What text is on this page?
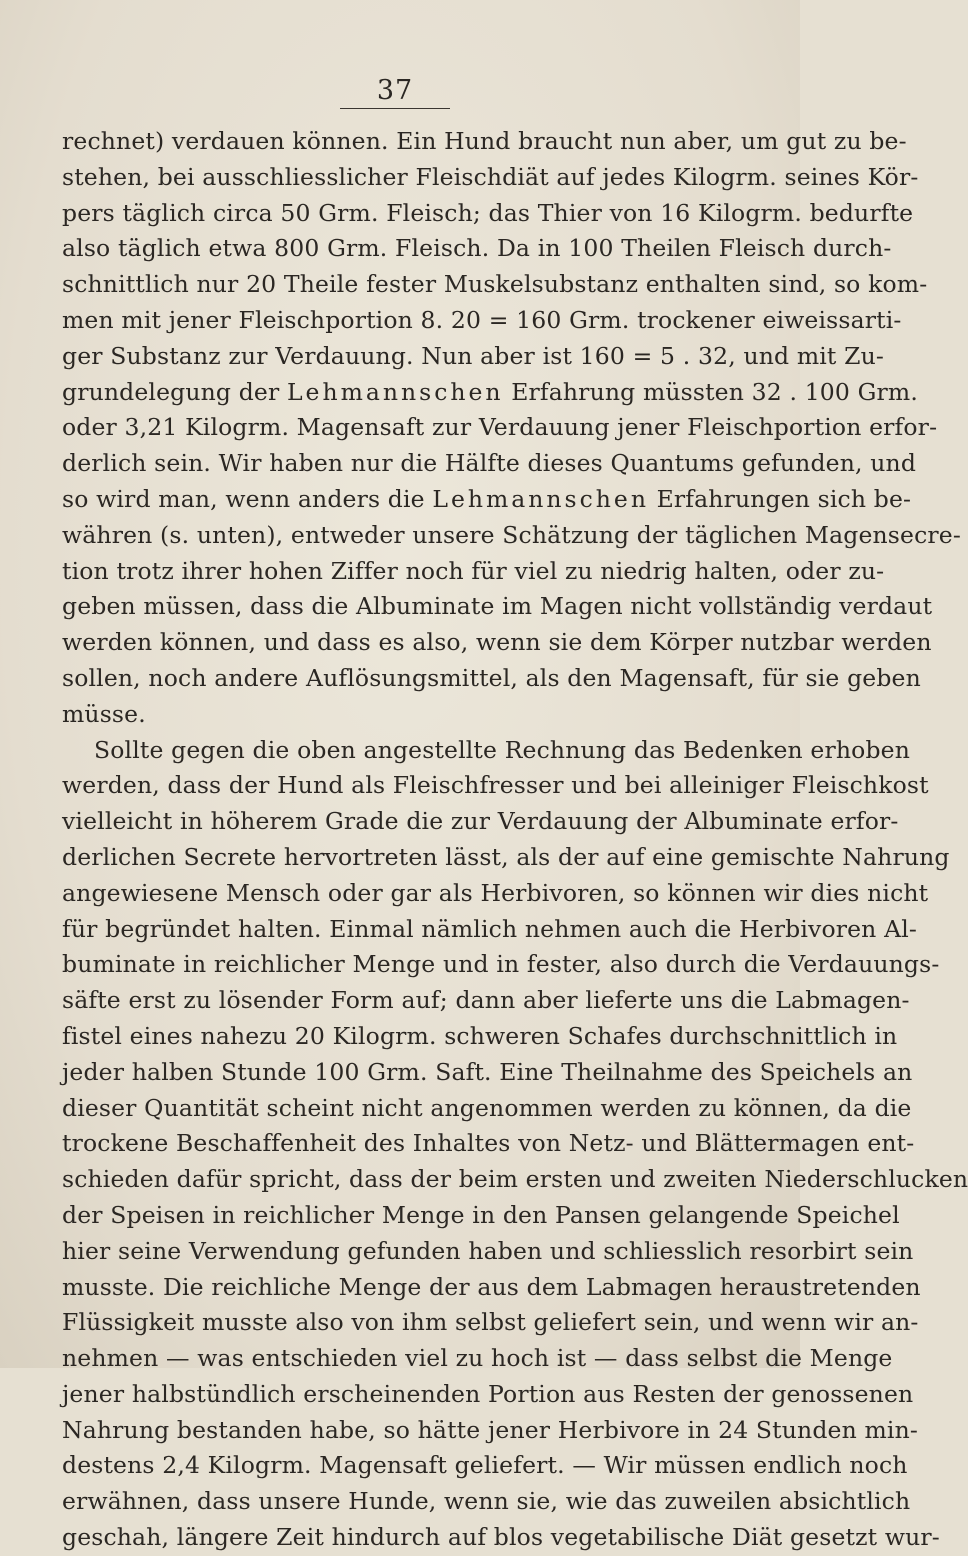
37
rechnet) verdauen können. Ein Hund braucht nun aber, um gut zu be-
stehen, bei ausschliesslicher Fleischdiät auf jedes Kilogrm. seines Kör-
pers täglich circa 50 Grm. Fleisch; das Thier von 16 Kilogrm. bedurfte
also täglich etwa 800 Grm. Fleisch. Da in 100 Theilen Fleisch durch-
schnittlich nur 20 Theile fester Muskelsubstanz enthalten sind, so kom-
men mit jener Fleischportion 8. 20 = 160 Grm. trockener eiweissarti-
ger Substanz zur Verdauung. Nun aber ist 160 = 5 . 32, und mit Zu-
grundelegung der Lehmannschen Erfahrung müssten 32 . 100 Grm.
oder 3,21 Kilogrm. Magensaft zur Verdauung jener Fleischportion erfor-
derlich sein. Wir haben nur die Hälfte dieses Quantums gefunden, und
so wird man, wenn anders die Lehmannschen Erfahrungen sich be-
währen (s. unten), entweder unsere Schätzung der täglichen Magensecre-
tion trotz ihrer hohen Ziffer noch für viel zu niedrig halten, oder zu-
geben müssen, dass die Albuminate im Magen nicht vollständig verdaut
werden können, und dass es also, wenn sie dem Körper nutzbar werden
sollen, noch andere Auflösungsmittel, als den Magensaft, für sie geben
müsse.
Sollte gegen die oben angestellte Rechnung das Bedenken erhoben
werden, dass der Hund als Fleischfresser und bei alleiniger Fleischkost
vielleicht in höherem Grade die zur Verdauung der Albuminate erfor-
derlichen Secrete hervortreten lässt, als der auf eine gemischte Nahrung
angewiesene Mensch oder gar als Herbivoren, so können wir dies nicht
für begründet halten. Einmal nämlich nehmen auch die Herbivoren Al-
buminate in reichlicher Menge und in fester, also durch die Verdauungs-
säfte erst zu lösender Form auf; dann aber lieferte uns die Labmagen-
fistel eines nahezu 20 Kilogrm. schweren Schafes durchschnittlich in
jeder halben Stunde 100 Grm. Saft. Eine Theilnahme des Speichels an
dieser Quantität scheint nicht angenommen werden zu können, da die
trockene Beschaffenheit des Inhaltes von Netz- und Blättermagen ent-
schieden dafür spricht, dass der beim ersten und zweiten Niederschlucken
der Speisen in reichlicher Menge in den Pansen gelangende Speichel
hier seine Verwendung gefunden haben und schliesslich resorbirt sein
musste. Die reichliche Menge der aus dem Labmagen heraustretenden
Flüssigkeit musste also von ihm selbst geliefert sein, und wenn wir an-
nehmen — was entschieden viel zu hoch ist — dass selbst die Menge
jener halbstündlich erscheinenden Portion aus Resten der genossenen
Nahrung bestanden habe, so hätte jener Herbivore in 24 Stunden min-
destens 2,4 Kilogrm. Magensaft geliefert. — Wir müssen endlich noch
erwähnen, dass unsere Hunde, wenn sie, wie das zuweilen absichtlich
geschah, längere Zeit hindurch auf blos vegetabilische Diät gesetzt wur-
